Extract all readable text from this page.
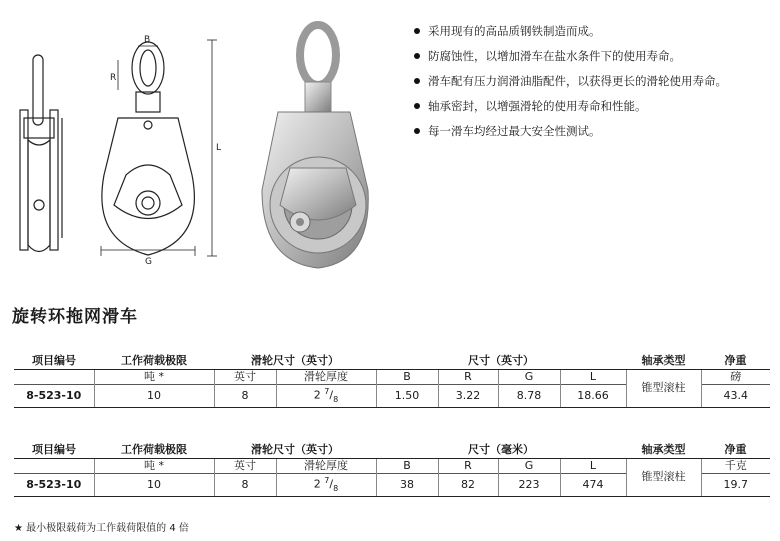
B
R
L
G
采用现有的高品质钢铁制造而成。
防腐蚀性，以增加滑车在盐水条件下的使用寿命。
滑车配有压力润滑油脂配件，以获得更长的滑轮使用寿命。
轴承密封，以增强滑轮的使用寿命和性能。
每一滑车均经过最大安全性测试。
旋转环拖网滑车
项目编号	工作荷载极限	滑轮尺寸（英寸）		尺寸（英寸）				轴承类型	净重
	吨 *	英寸	滑轮厚度	B	R	G	L	锥型滚柱	磅
8-523-10	10	8	2 $^7/_8$	1.50	3.22	8.78	18.66		43.4
项目编号	工作荷载极限	滑轮尺寸（英寸）		尺寸（毫米）				轴承类型	净重
	吨 *	英寸	滑轮厚度	B	R	G	L	锥型滚柱	千克
8-523-10	10	8	2 $^7/_8$	38	82	223	474		19.7
★ 最小极限载荷为工作载荷限值的 4 倍
